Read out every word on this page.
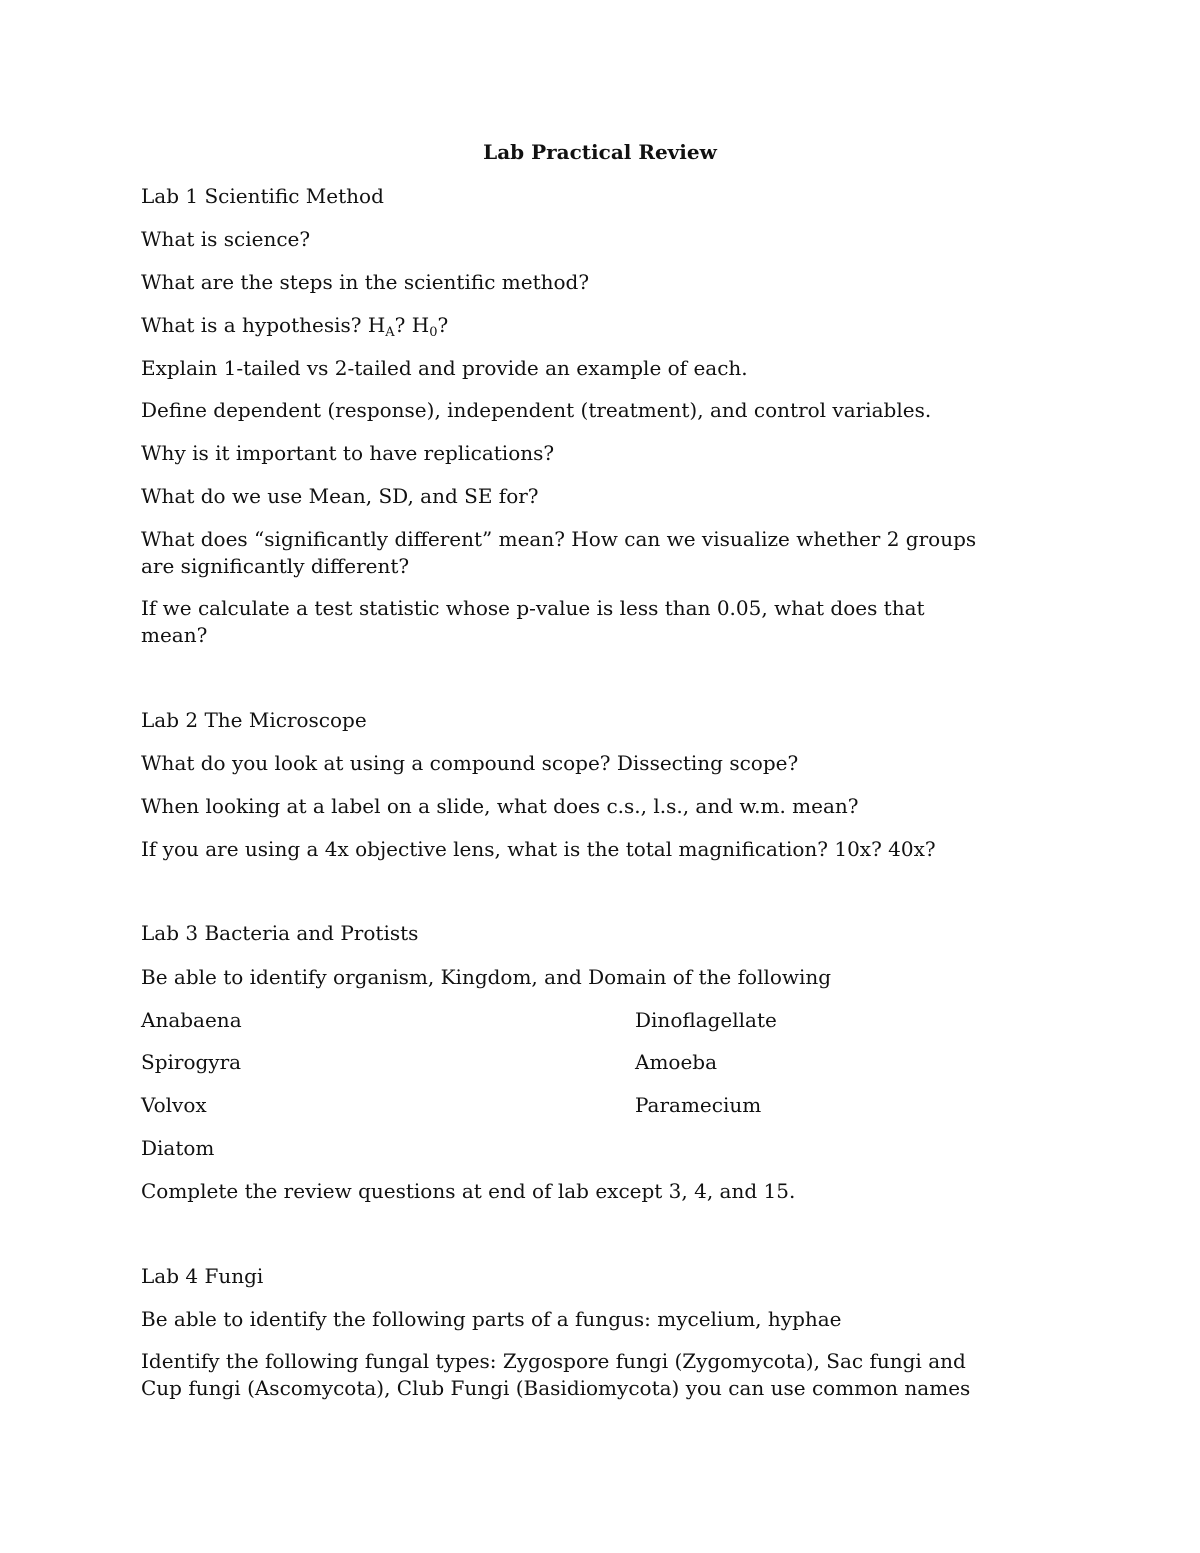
Lab Practical Review
Lab 1 Scientific Method
What is science?
What are the steps in the scientific method?
What is a hypothesis? $H_A$? $H_0$?
Explain 1-tailed vs 2-tailed and provide an example of each.
Define dependent (response), independent (treatment), and control variables.
Why is it important to have replications?
What do we use Mean, SD, and SE for?
What does “significantly different” mean? How can we visualize whether 2 groups
are significantly different?
If we calculate a test statistic whose p-value is less than 0.05, what does that
mean?
Lab 2 The Microscope
What do you look at using a compound scope? Dissecting scope?
When looking at a label on a slide, what does c.s., l.s., and w.m. mean?
If you are using a 4x objective lens, what is the total magnification? 10x? 40x?
Lab 3 Bacteria and Protists
Be able to identify organism, Kingdom, and Domain of the following
Anabaena	Dinoflagellate
Spirogyra	Amoeba
Volvox	Paramecium
Diatom
Complete the review questions at end of lab except 3, 4, and 15.
Lab 4 Fungi
Be able to identify the following parts of a fungus: mycelium, hyphae
Identify the following fungal types: Zygospore fungi (Zygomycota), Sac fungi and
Cup fungi (Ascomycota), Club Fungi (Basidiomycota) you can use common names
